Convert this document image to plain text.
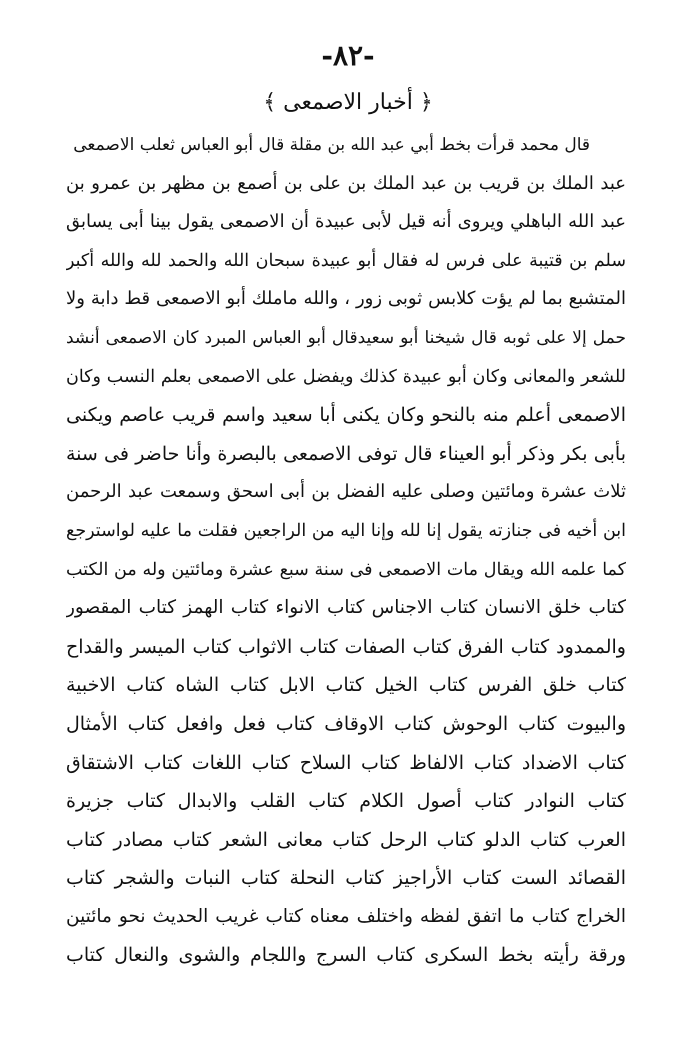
-٨٢-
﴿ أخبار الاصمعى ﴾
قال محمد قرأت بخط أبي عبد الله بن مقلة قال أبو العباس ثعلب الاصمعى
عبد الملك بن قريب بن عبد الملك بن على بن أصمع بن مظهر بن عمرو بن
عبد الله الباهلي ويروى أنه قيل لأبى عبيدة أن الاصمعى يقول بينا أبى يسابق
سلم بن قتيبة على فرس له فقال أبو عبيدة سبحان الله والحمد لله والله أكبر
المتشبع بما لم يؤت كلابس ثوبى زور ، والله ماملك أبو الاصمعى قط دابة ولا
حمل إلا على ثوبه قال شيخنا أبو سعيدقال أبو العباس المبرد كان الاصمعى أنشد
للشعر والمعانى وكان أبو عبيدة كذلك ويفضل على الاصمعى بعلم النسب وكان
الاصمعى أعلم منه بالنحو وكان يكنى أبا سعيد واسم قريب عاصم ويكنى
بأبى بكر وذكر أبو العيناء قال توفى الاصمعى بالبصرة وأنا حاضر فى سنة
ثلاث عشرة ومائتين وصلى عليه الفضل بن أبى اسحق وسمعت عبد الرحمن
ابن أخيه فى جنازته يقول إنا لله وإنا اليه من الراجعين فقلت ما عليه لواسترجع
كما علمه الله ويقال مات الاصمعى فى سنة سبع عشرة ومائتين وله من الكتب
كتاب خلق الانسان كتاب الاجناس كتاب الانواء كتاب الهمز كتاب المقصور
والممدود كتاب الفرق كتاب الصفات كتاب الاثواب كتاب الميسر والقداح
كتاب خلق الفرس كتاب الخيل كتاب الابل كتاب الشاه كتاب الاخبية
والبيوت كتاب الوحوش كتاب الاوقاف كتاب فعل وافعل كتاب الأمثال
كتاب الاضداد كتاب الالفاظ كتاب السلاح كتاب اللغات كتاب الاشتقاق
كتاب النوادر كتاب أصول الكلام كتاب القلب والابدال كتاب جزيرة
العرب كتاب الدلو كتاب الرحل كتاب معانى الشعر كتاب مصادر كتاب
القصائد الست كتاب الأراجيز كتاب النحلة كتاب النبات والشجر كتاب
الخراج كتاب ما اتفق لفظه واختلف معناه كتاب غريب الحديث نحو مائتين
ورقة رأيته بخط السكرى كتاب السرج واللجام والشوى والنعال كتاب
